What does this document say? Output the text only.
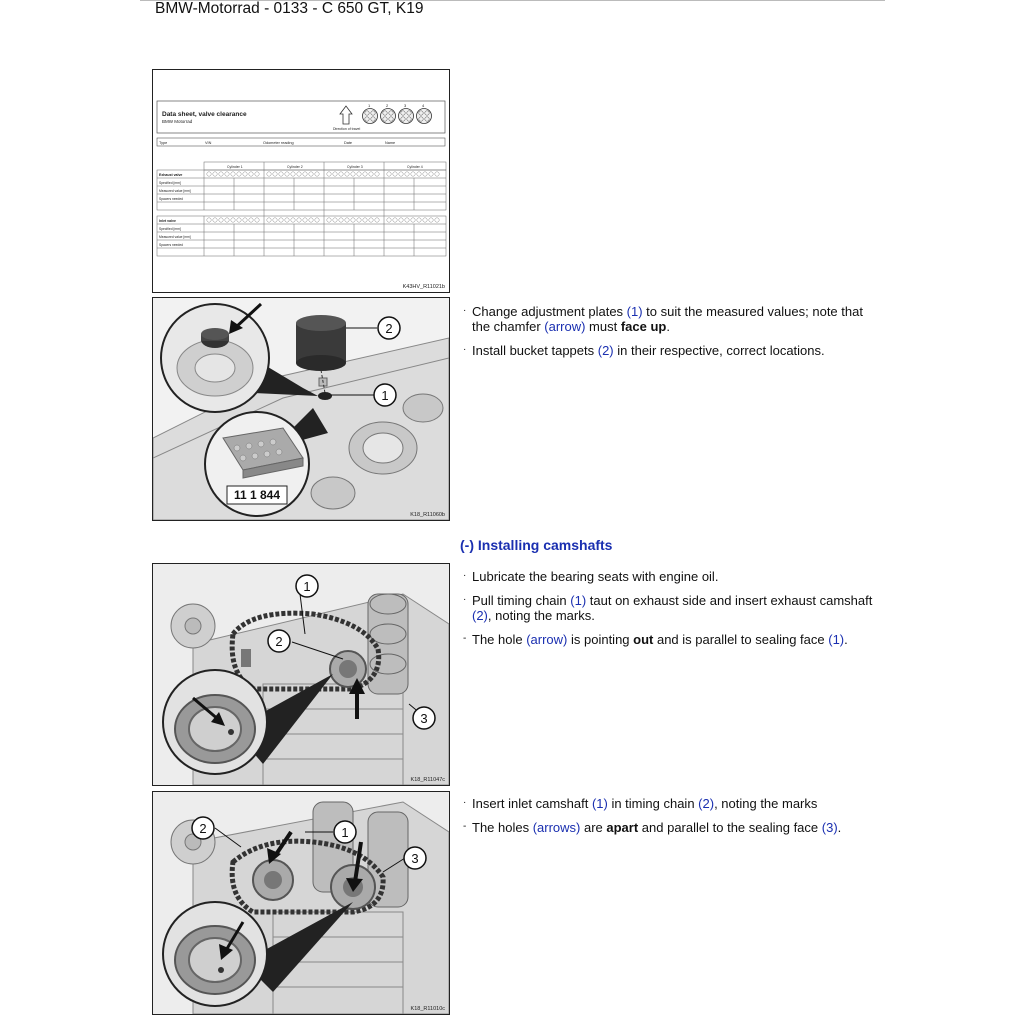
BMW-Motorrad - 0133 - C 650 GT, K19
Data sheet, valve clearance
BMW Motorrad
Direction of travel
1	2	3	4
Type	VIN	Odometer reading	Date	Name
Cylinder 1	Cylinder 2	Cylinder 3	Cylinder 4
Exhaust valve
Specified [mm]
Measured value [mm]
Spacers needed
Inlet valve
Specified [mm]
Measured value [mm]
Spacers needed
K43HV_R11021b
11 1 844
2
1
K18_R11060b
1
2
3
K18_R11047c
1
2
3
K18_R11010c
· Change adjustment plates (1) to suit the measured values; note that the chamfer (arrow) must face up.
· Install bucket tappets (2) in their respective, correct locations.
(-) Installing camshafts
· Lubricate the bearing seats with engine oil.
· Pull timing chain (1) taut on exhaust side and insert exhaust camshaft (2), noting the marks.
- The hole (arrow) is pointing out and is parallel to sealing face (1).
· Insert inlet camshaft (1) in timing chain (2), noting the marks
- The holes (arrows) are apart and parallel to the sealing face (3).
